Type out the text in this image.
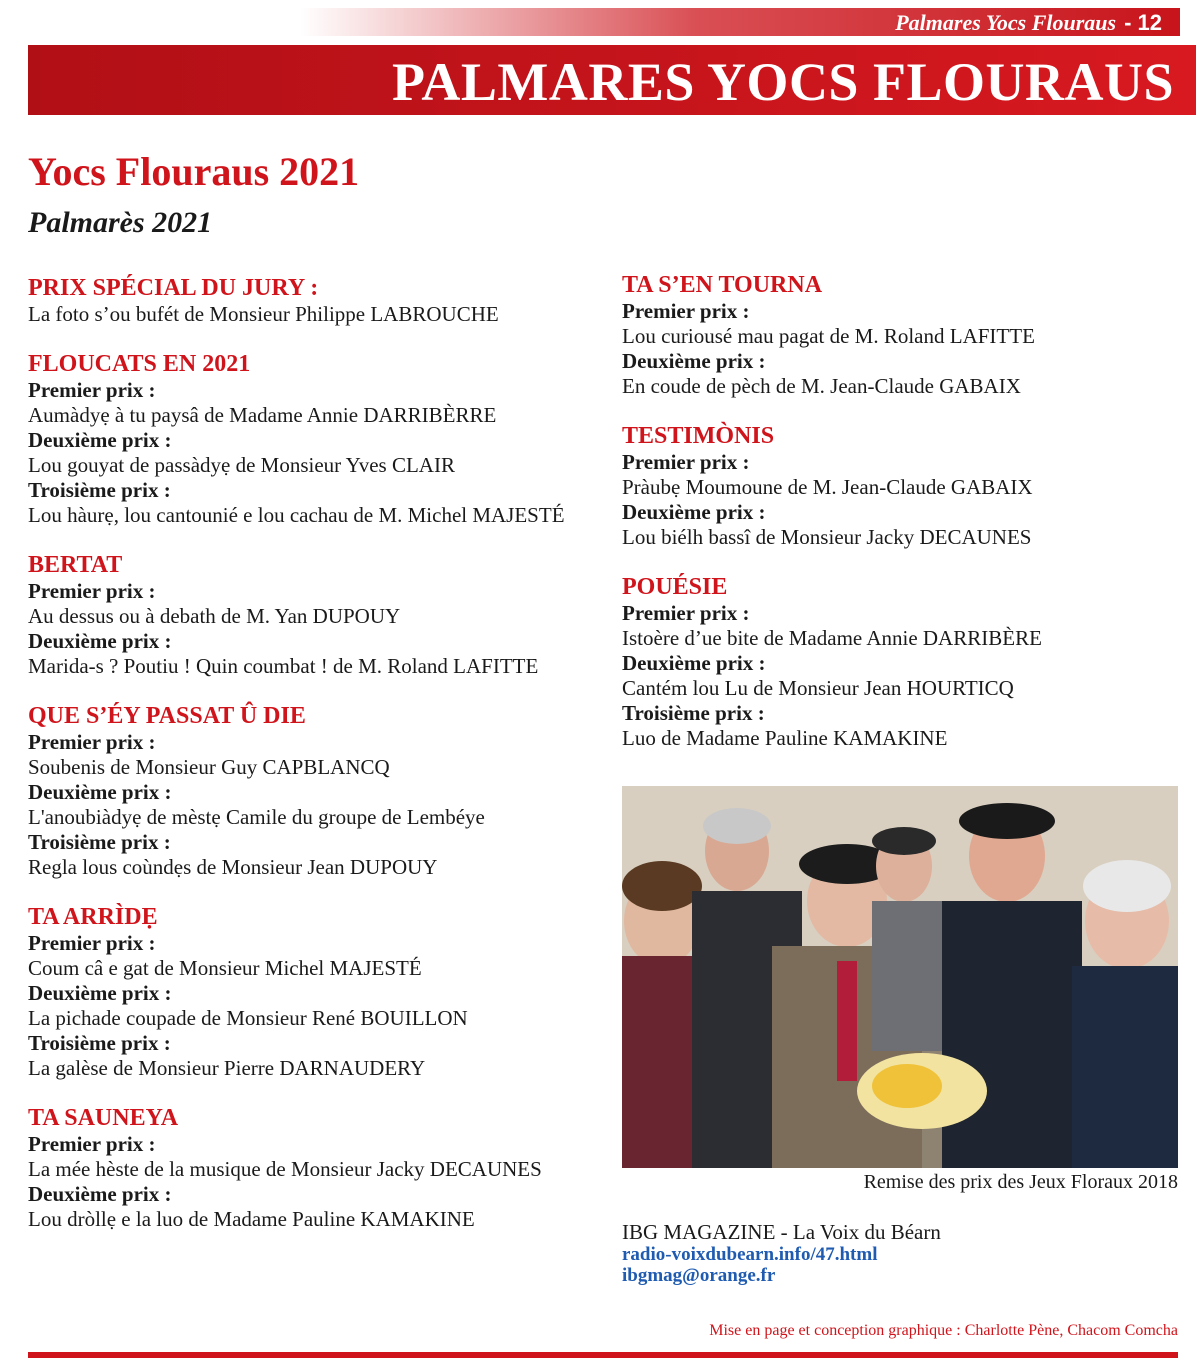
Palmares Yocs Flouraus - 12
PALMARES YOCS FLOURAUS
Yocs Flouraus 2021
Palmarès 2021
PRIX SPÉCIAL DU JURY :
La foto s’ou bufét de Monsieur Philippe LABROUCHE
FLOUCATS EN 2021
Premier prix :
Aumàdyẹ à tu paysâ de Madame Annie DARRIBÈRRE
Deuxième prix :
Lou gouyat de passàdyẹ de Monsieur Yves CLAIR
Troisième prix :
Lou hàurẹ, lou cantounié e lou cachau de M. Michel MAJESTÉ
BERTAT
Premier prix :
Au dessus ou à debath de M. Yan DUPOUY
Deuxième prix :
Marida-s ? Poutiu ! Quin coumbat ! de M. Roland LAFITTE
QUE S’ÉY PASSAT Û DIE
Premier prix :
Soubenis de Monsieur Guy CAPBLANCQ
Deuxième prix :
L'anoubiàdyẹ de mèstẹ Camile du groupe de Lembéye
Troisième prix :
Regla lous coùndẹs de Monsieur Jean DUPOUY
TA ARRÌDẸ
Premier prix :
Coum câ e gat de Monsieur Michel MAJESTÉ
Deuxième prix :
La pichade coupade de Monsieur René BOUILLON
Troisième prix :
La galèse de Monsieur Pierre DARNAUDERY
TA SAUNEYA
Premier prix :
La mée hèste de la musique de Monsieur Jacky DECAUNES
Deuxième prix :
Lou dròllẹ e la luo de Madame Pauline KAMAKINE
TA S’EN TOURNA
Premier prix :
Lou curiousé mau pagat de M. Roland LAFITTE
Deuxième prix :
En coude de pèch de M. Jean-Claude GABAIX
TESTIMÒNIS
Premier prix :
Pràubẹ Moumoune de M. Jean-Claude GABAIX
Deuxième prix :
Lou biélh bassî de Monsieur Jacky DECAUNES
POUÉSIE
Premier prix :
Istoère d’ue bite de Madame Annie DARRIBÈRE
Deuxième prix :
Cantém lou Lu de Monsieur Jean HOURTICQ
Troisième prix :
Luo de Madame Pauline KAMAKINE
Remise des prix des Jeux Floraux 2018
IBG MAGAZINE - La Voix du Béarn
radio-voixdubearn.info/47.html
ibgmag@orange.fr
Mise en page et conception graphique : Charlotte Pène, Chacom Comcha
